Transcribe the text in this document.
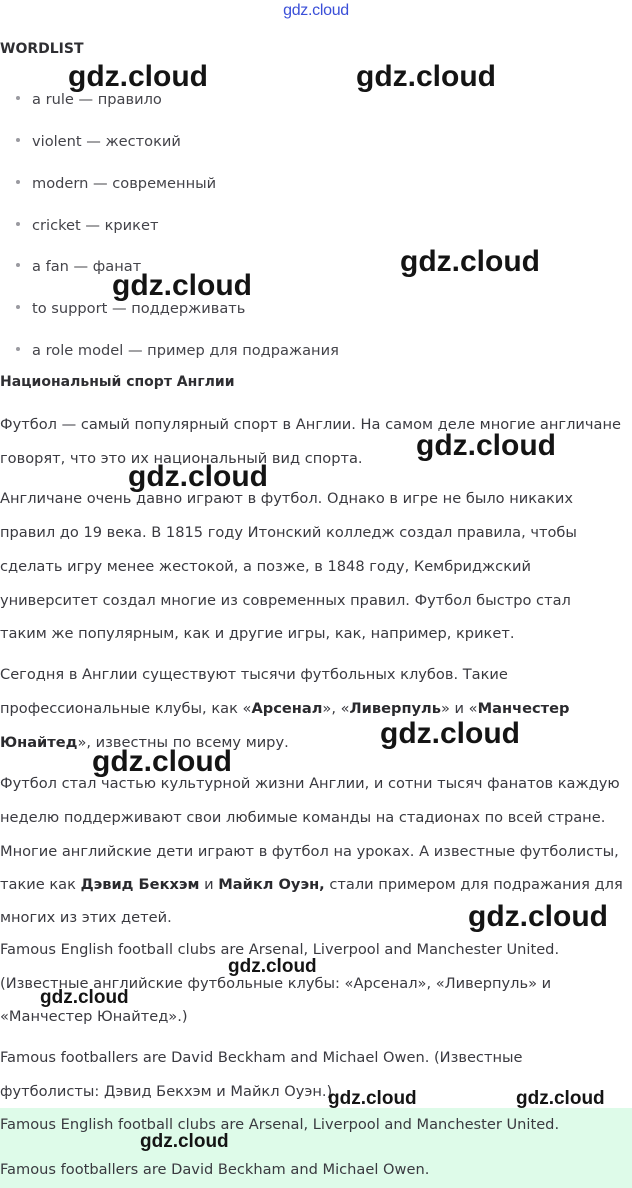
gdz.cloud
WORDLIST
a rule — правило
violent — жестокий
modern — современный
cricket — крикет
a fan — фанат
to support — поддерживать
a role model — пример для подражания
Национальный спорт Англии
Футбол — самый популярный спорт в Англии. На самом деле многие англичане
говорят, что это их национальный вид спорта.
Англичане очень давно играют в футбол. Однако в игре не было никаких
правил до 19 века. В 1815 году Итонский колледж создал правила, чтобы
сделать игру менее жестокой, а позже, в 1848 году, Кембриджский
университет создал многие из современных правил. Футбол быстро стал
таким же популярным, как и другие игры, как, например, крикет.
Сегодня в Англии существуют тысячи футбольных клубов. Такие
профессиональные клубы, как «Арсенал», «Ливерпуль» и «Манчестер
Юнайтед», известны по всему миру.
Футбол стал частью культурной жизни Англии, и сотни тысяч фанатов каждую
неделю поддерживают свои любимые команды на стадионах по всей стране.
Многие английские дети играют в футбол на уроках. А известные футболисты,
такие как Дэвид Бекхэм и Майкл Оуэн, стали примером для подражания для
многих из этих детей.
Famous English football clubs are Arsenal, Liverpool and Manchester United.
(Известные английские футбольные клубы: «Арсенал», «Ливерпуль» и
«Манчестер Юнайтед».)
Famous footballers are David Beckham and Michael Owen. (Известные
футболисты: Дэвид Бекхэм и Майкл Оуэн.)
Famous English football clubs are Arsenal, Liverpool and Manchester United.
Famous footballers are David Beckham and Michael Owen.
gdz.cloud	gdz.cloud
gdz.cloud
gdz.cloud
gdz.cloud
gdz.cloud
gdz.cloud
gdz.cloud
gdz.cloud
gdz.cloud
gdz.cloud
gdz.cloud	gdz.cloud
gdz.cloud
